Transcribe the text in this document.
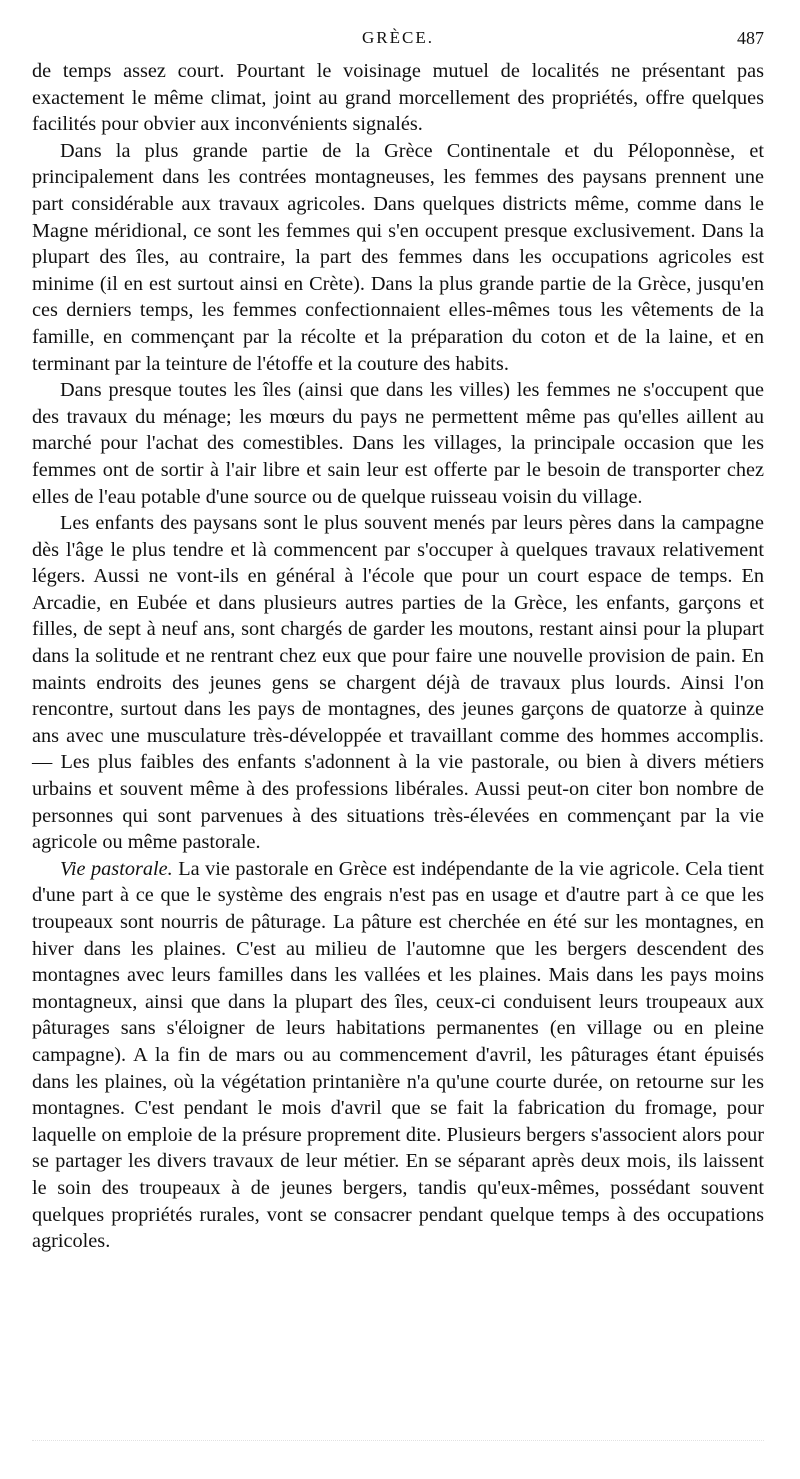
GRÈCE.	487

de temps assez court. Pourtant le voisinage mutuel de localités ne présentant pas exactement le même climat, joint au grand morcellement des propriétés, offre quelques facilités pour obvier aux inconvénients signalés.

Dans la plus grande partie de la Grèce Continentale et du Péloponnèse, et principalement dans les contrées montagneuses, les femmes des paysans prennent une part considérable aux travaux agricoles. Dans quelques districts même, comme dans le Magne méridional, ce sont les femmes qui s'en occupent presque exclusivement. Dans la plupart des îles, au contraire, la part des femmes dans les occupations agricoles est minime (il en est surtout ainsi en Crète). Dans la plus grande partie de la Grèce, jusqu'en ces derniers temps, les femmes confectionnaient elles-mêmes tous les vêtements de la famille, en commençant par la récolte et la préparation du coton et de la laine, et en terminant par la teinture de l'étoffe et la couture des habits.

Dans presque toutes les îles (ainsi que dans les villes) les femmes ne s'occupent que des travaux du ménage; les mœurs du pays ne permettent même pas qu'elles aillent au marché pour l'achat des comestibles. Dans les villages, la principale occasion que les femmes ont de sortir à l'air libre et sain leur est offerte par le besoin de transporter chez elles de l'eau potable d'une source ou de quelque ruisseau voisin du village.

Les enfants des paysans sont le plus souvent menés par leurs pères dans la campagne dès l'âge le plus tendre et là commencent par s'occuper à quelques travaux relativement légers. Aussi ne vont-ils en général à l'école que pour un court espace de temps. En Arcadie, en Eubée et dans plusieurs autres parties de la Grèce, les enfants, garçons et filles, de sept à neuf ans, sont chargés de garder les moutons, restant ainsi pour la plupart dans la solitude et ne rentrant chez eux que pour faire une nouvelle provision de pain. En maints endroits des jeunes gens se chargent déjà de travaux plus lourds. Ainsi l'on rencontre, surtout dans les pays de montagnes, des jeunes garçons de quatorze à quinze ans avec une musculature très-développée et travaillant comme des hommes accomplis. — Les plus faibles des enfants s'adonnent à la vie pastorale, ou bien à divers métiers urbains et souvent même à des professions libérales. Aussi peut-on citer bon nombre de personnes qui sont parvenues à des situations très-élevées en commençant par la vie agricole ou même pastorale.

Vie pastorale. La vie pastorale en Grèce est indépendante de la vie agricole. Cela tient d'une part à ce que le système des engrais n'est pas en usage et d'autre part à ce que les troupeaux sont nourris de pâturage. La pâture est cherchée en été sur les montagnes, en hiver dans les plaines. C'est au milieu de l'automne que les bergers descendent des montagnes avec leurs familles dans les vallées et les plaines. Mais dans les pays moins montagneux, ainsi que dans la plupart des îles, ceux-ci conduisent leurs troupeaux aux pâturages sans s'éloigner de leurs habitations permanentes (en village ou en pleine campagne). A la fin de mars ou au commencement d'avril, les pâturages étant épuisés dans les plaines, où la végétation printanière n'a qu'une courte durée, on retourne sur les montagnes. C'est pendant le mois d'avril que se fait la fabrication du fromage, pour laquelle on emploie de la présure proprement dite. Plusieurs bergers s'associent alors pour se partager les divers travaux de leur métier. En se séparant après deux mois, ils laissent le soin des troupeaux à de jeunes bergers, tandis qu'eux-mêmes, possédant souvent quelques propriétés rurales, vont se consacrer pendant quelque temps à des occupations agricoles.
